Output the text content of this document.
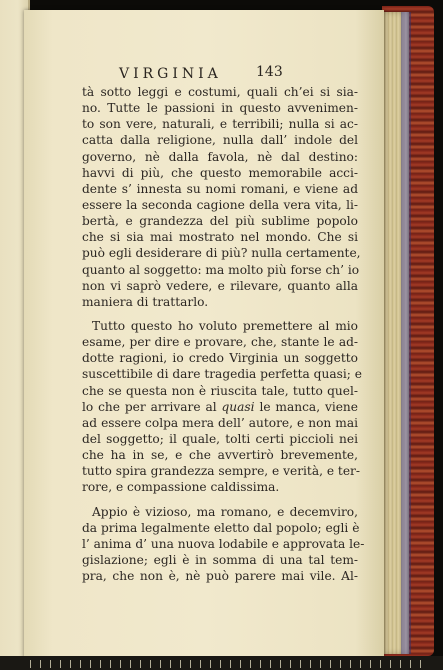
VIRGINIA 143
tà sotto leggi e costumi, quali ch’ei si sia-
no. Tutte le passioni in questo avvenimen-
to son vere, naturali, e terribili; nulla si ac-
catta dalla religione, nulla dall’ indole del
governo, nè dalla favola, nè dal destino:
havvi di più, che questo memorabile acci-
dente s’ innesta su nomi romani, e viene ad
essere la seconda cagione della vera vita, li-
bertà, e grandezza del più sublime popolo
che si sia mai mostrato nel mondo. Che si
può egli desiderare di più? nulla certamente,
quanto al soggetto: ma molto più forse ch’ io
non vi saprò vedere, e rilevare, quanto alla
maniera di trattarlo.
Tutto questo ho voluto premettere al mio
esame, per dire e provare, che, stante le ad-
dotte ragioni, io credo Virginia un soggetto
suscettibile di dare tragedia perfetta quasi; e
che se questa non è riuscita tale, tutto quel-
lo che per arrivare al quasi le manca, viene
ad essere colpa mera dell’ autore, e non mai
del soggetto; il quale, tolti certi piccioli nei
che ha in se, e che avvertirò brevemente,
tutto spira grandezza sempre, e verità, e ter-
rore, e compassione caldissima.
Appio è vizioso, ma romano, e decemviro,
da prima legalmente eletto dal popolo; egli è
l’ anima d’ una nuova lodabile e approvata le-
gislazione; egli è in somma di una tal tem-
pra, che non è, nè può parere mai vile. Al-
